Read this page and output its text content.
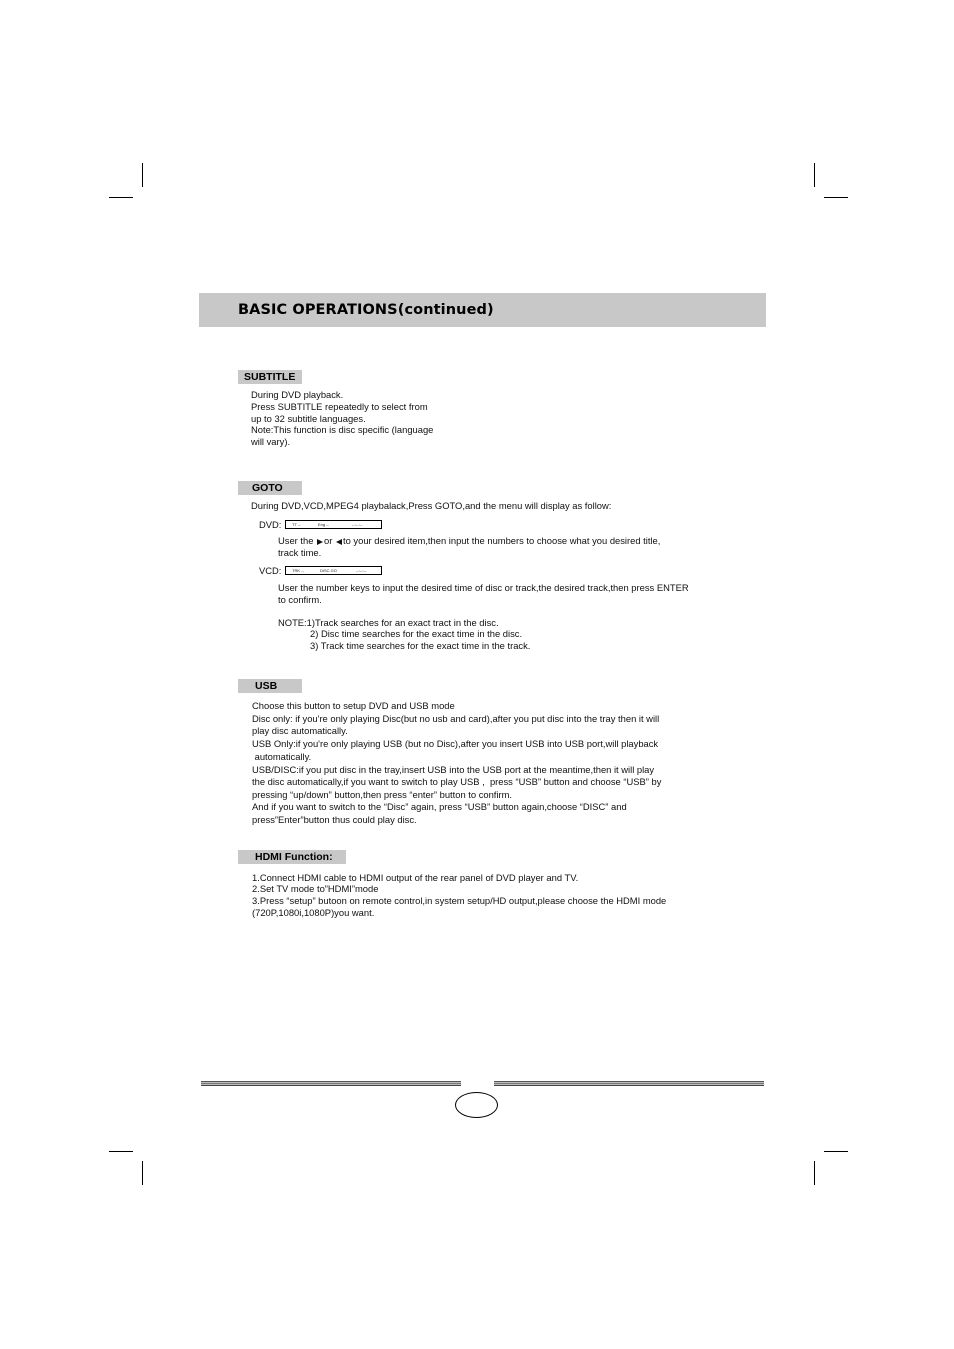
BASIC OPERATIONS(continued)
SUBTITLE
During DVD playback.
Press SUBTITLE repeatedly to select from
up to 32 subtitle languages.
Note:This function is disc specific (language
will vary).
GOTO
During DVD,VCD,MPEG4 playbalack,Press GOTO,and the menu will display as follow:
DVD:	TT --	Eng --	--:--:--
User the or to your desired item,then input the numbers to choose what you desired title,
track time.
VCD:	TRK --	DISC GO	--:--:--
User the number keys to input the desired time of disc or track,the desired track,then press ENTER
to confirm.
NOTE:1)Track searches for an exact tract in the disc.
2) Disc time searches for the exact time in the disc.
3) Track time searches for the exact time in the track.
USB
Choose this button to setup DVD and USB mode
Disc only: if you're only playing Disc(but no usb and card),after you put disc into the tray then it will
play disc automatically.
USB Only:if you're only playing USB (but no Disc),after you insert USB into USB port,will playback
automatically.
USB/DISC:if you put disc in the tray,insert USB into the USB port at the meantime,then it will play
the disc automatically,if you want to switch to play USB ,  press “USB” button and choose “USB” by
pressing “up/down” button,then press “enter” button to confirm.
And if you want to switch to the “Disc” again, press “USB” button again,choose “DISC” and
press”Enter”button thus could play disc.
HDMI Function:
1.Connect HDMI cable to HDMI output of the rear panel of DVD player and TV.
2.Set TV mode to”HDMI”mode
3.Press “setup” butoon on remote control,in system setup/HD output,please choose the HDMI mode
(720P,1080i,1080P)you want.
